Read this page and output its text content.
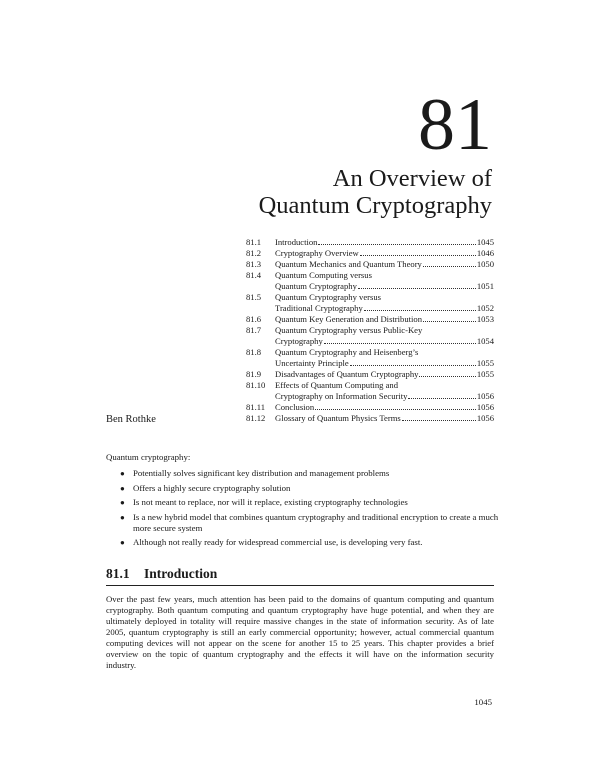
81
An Overview of
Quantum Cryptography
81.1	Introduction	1045
81.2	Cryptography Overview	1046
81.3	Quantum Mechanics and Quantum Theory	1050
81.4	Quantum Computing versus
Quantum Cryptography	1051
81.5	Quantum Cryptography versus
Traditional Cryptography	1052
81.6	Quantum Key Generation and Distribution	1053
81.7	Quantum Cryptography versus Public-Key
Cryptography	1054
81.8	Quantum Cryptography and Heisenberg’s
Uncertainty Principle	1055
81.9	Disadvantages of Quantum Cryptography	1055
81.10	Effects of Quantum Computing and
Cryptography on Information Security	1056
81.11	Conclusion	1056
81.12	Glossary of Quantum Physics Terms	1056
Ben Rothke
Quantum cryptography:
● Potentially solves significant key distribution and management problems
● Offers a highly secure cryptography solution
● Is not meant to replace, nor will it replace, existing cryptography technologies
● Is a new hybrid model that combines quantum cryptography and traditional encryption to create a much more secure system
● Although not really ready for widespread commercial use, is developing very fast.
81.1 Introduction

Over the past few years, much attention has been paid to the domains of quantum computing and quantum cryptography. Both quantum computing and quantum cryptography have huge potential, and when they are ultimately deployed in totality will require massive changes in the state of information security. As of late 2005, quantum cryptography is still an early commercial opportunity; however, actual commercial quantum computing devices will not appear on the scene for another 15 to 25 years. This chapter provides a brief overview on the topic of quantum cryptography and the effects it will have on the information security industry.

1045
